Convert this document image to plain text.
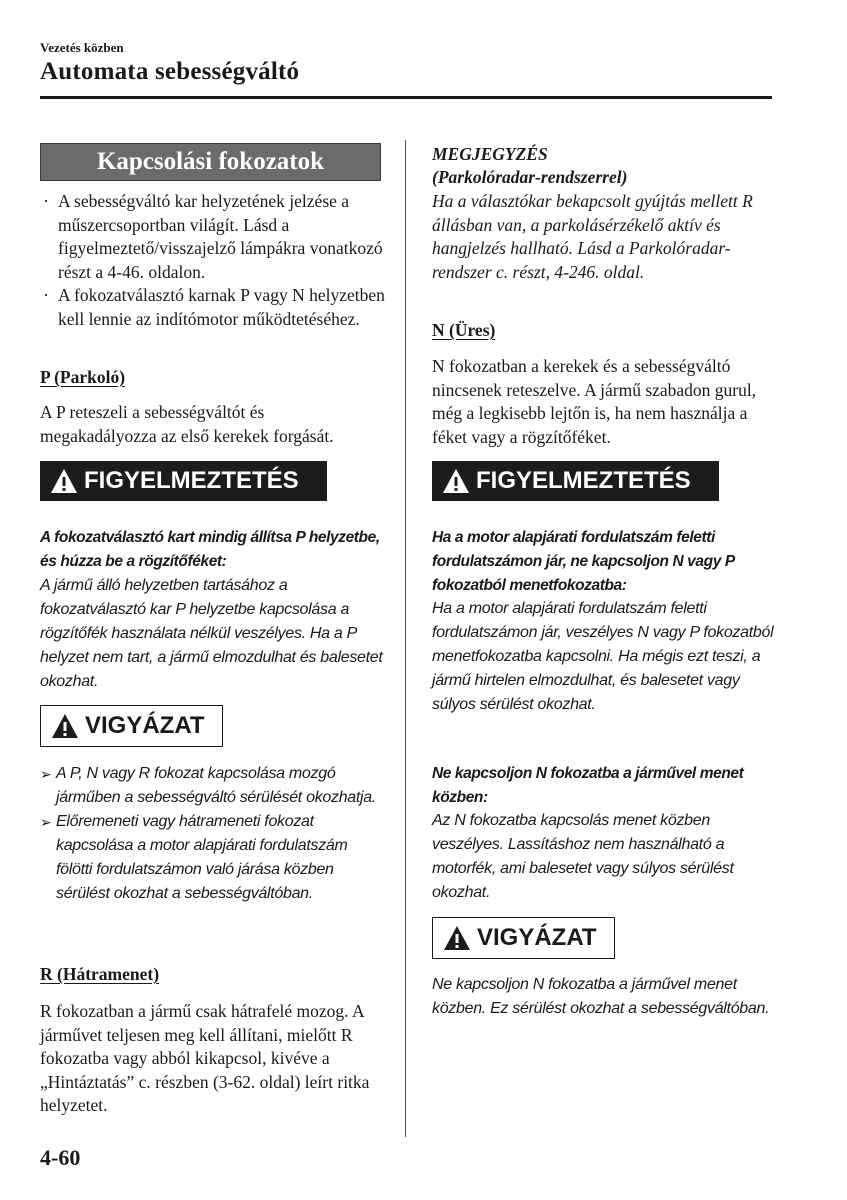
Vezetés közben
Automata sebességváltó
Kapcsolási fokozatok
· A sebességváltó kar helyzetének jelzése a műszercsoportban világít. Lásd a figyelmeztető/visszajelző lámpákra vonatkozó részt a 4-46. oldalon.
· A fokozatválasztó karnak P vagy N helyzetben kell lennie az indítómotor működtetéséhez.
P (Parkoló)
A P reteszeli a sebességváltót és megakadályozza az első kerekek forgását.
FIGYELMEZTETÉS
A fokozatválasztó kart mindig állítsa P helyzetbe, és húzza be a rögzítőféket:
A jármű álló helyzetben tartásához a fokozatválasztó kar P helyzetbe kapcsolása a rögzítőfék használata nélkül veszélyes. Ha a P helyzet nem tart, a jármű elmozdulhat és balesetet okozhat.
VIGYÁZAT
➢ A P, N vagy R fokozat kapcsolása mozgó járműben a sebességváltó sérülését okozhatja.
➢ Előremeneti vagy hátrameneti fokozat kapcsolása a motor alapjárati fordulatszám fölötti fordulatszámon való járása közben sérülést okozhat a sebességváltóban.
R (Hátramenet)
R fokozatban a jármű csak hátrafelé mozog. A járművet teljesen meg kell állítani, mielőtt R fokozatba vagy abból kikapcsol, kivéve a „Hintáztatás” c. részben (3-62. oldal) leírt ritka helyzetet.
MEGJEGYZÉS
(Parkolóradar-rendszerrel)
Ha a választókar bekapcsolt gyújtás mellett R állásban van, a parkolásérzékelő aktív és hangjelzés hallható. Lásd a Parkolóradar-rendszer c. részt, 4-246. oldal.
N (Üres)
N fokozatban a kerekek és a sebességváltó nincsenek reteszelve. A jármű szabadon gurul, még a legkisebb lejtőn is, ha nem használja a féket vagy a rögzítőféket.
FIGYELMEZTETÉS
Ha a motor alapjárati fordulatszám feletti fordulatszámon jár, ne kapcsoljon N vagy P fokozatból menetfokozatba:
Ha a motor alapjárati fordulatszám feletti fordulatszámon jár, veszélyes N vagy P fokozatból menetfokozatba kapcsolni. Ha mégis ezt teszi, a jármű hirtelen elmozdulhat, és balesetet vagy súlyos sérülést okozhat.
Ne kapcsoljon N fokozatba a járművel menet közben:
Az N fokozatba kapcsolás menet közben veszélyes. Lassításhoz nem használható a motorfék, ami balesetet vagy súlyos sérülést okozhat.
VIGYÁZAT
Ne kapcsoljon N fokozatba a járművel menet közben. Ez sérülést okozhat a sebességváltóban.
4-60
